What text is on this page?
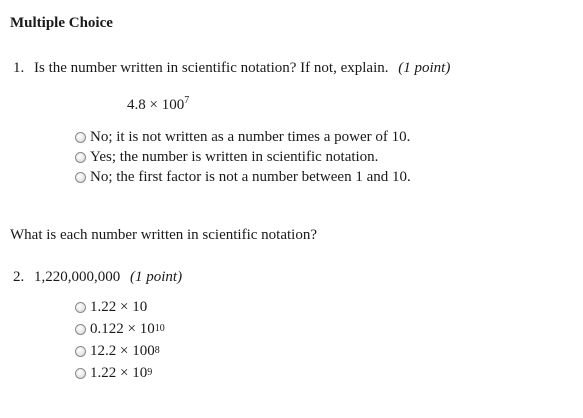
Multiple Choice
1. Is the number written in scientific notation? If not, explain. (1 point)
$4.8 \times 100^7$
No; it is not written as a number times a power of 10.
Yes; the number is written in scientific notation.
No; the first factor is not a number between 1 and 10.
What is each number written in scientific notation?
2. 1,220,000,000 (1 point)
1.22 × 10
0.122 × 10 10
12.2 × 100 8
1.22 × 10 9
